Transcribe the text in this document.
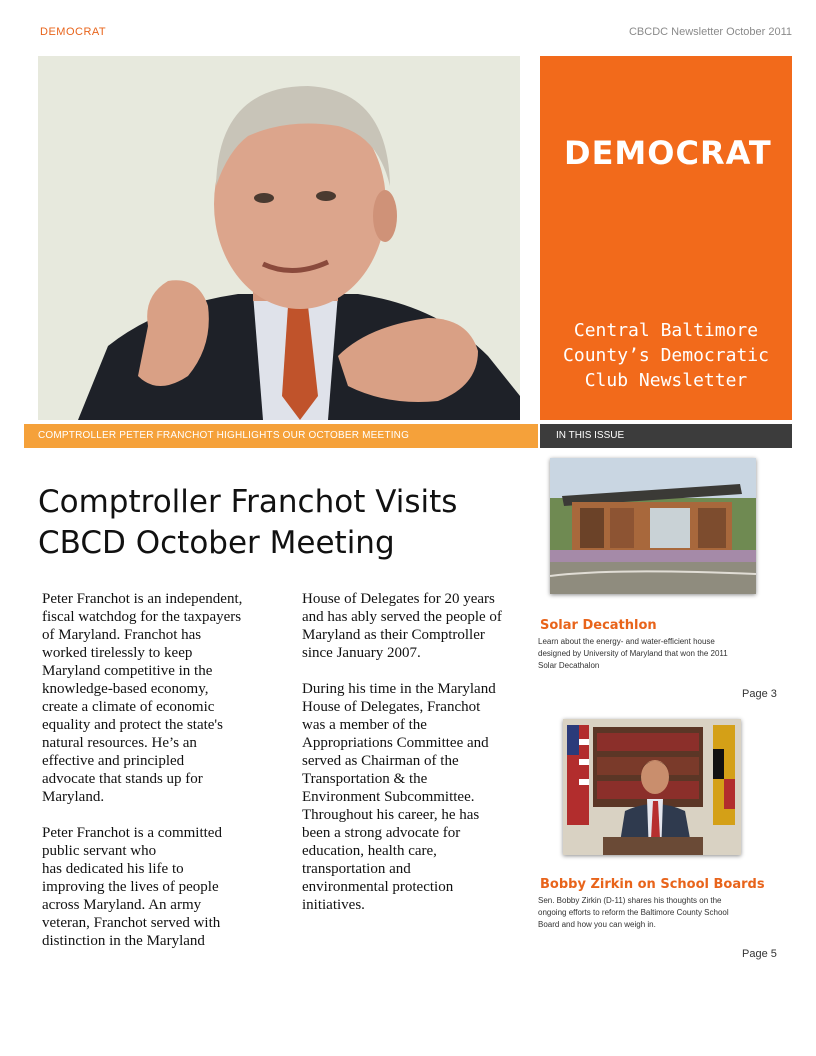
DEMOCRAT	CBCDC Newsletter October 2011
DEMOCRAT
Central Baltimore
County’s Democratic
Club Newsletter
COMPTROLLER PETER FRANCHOT HIGHLIGHTS OUR OCTOBER MEETING	IN THIS ISSUE
Comptroller Franchot Visits
CBCD October Meeting

Peter Franchot is an independent,
fiscal watchdog for the taxpayers
of Maryland. Franchot has
worked tirelessly to keep
Maryland competitive in the
knowledge-based economy,
create a climate of economic
equality and protect the state's
natural resources. He’s an
effective and principled
advocate that stands up for
Maryland.

Peter Franchot is a committed
public servant who
has dedicated his life to
improving the lives of people
across Maryland. An army
veteran, Franchot served with
distinction in the Maryland

House of Delegates for 20 years
and has ably served the people of
Maryland as their Comptroller
since January 2007.

During his time in the Maryland
House of Delegates, Franchot
was a member of the
Appropriations Committee and
served as Chairman of the
Transportation & the
Environment Subcommittee.
Throughout his career, he has
been a strong advocate for
education, health care,
transportation and
environmental protection
initiatives.

Solar Decathlon
Learn about the energy- and water-efficient house
designed by University of Maryland that won the 2011
Solar Decathalon
Page 3
Bobby Zirkin on School Boards
Sen. Bobby Zirkin (D-11) shares his thoughts on the
ongoing efforts to reform the Baltimore County School
Board and how you can weigh in.
Page 5
